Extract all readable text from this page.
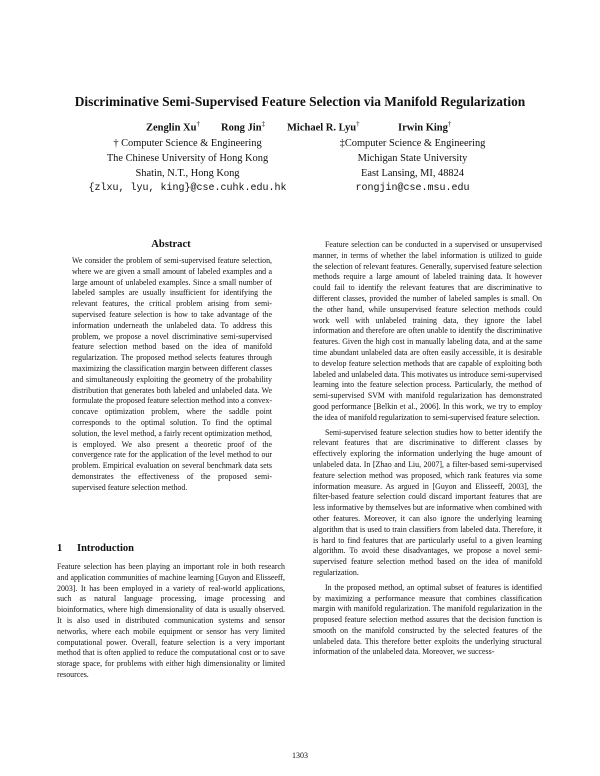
Discriminative Semi-Supervised Feature Selection via Manifold Regularization
Zenglin Xu† Rong Jin‡ Michael R. Lyu†	Irwin King†
† Computer Science & Engineering
The Chinese University of Hong Kong
Shatin, N.T., Hong Kong
{zlxu, lyu, king}@cse.cuhk.edu.hk
‡Computer Science & Engineering
Michigan State University
East Lansing, MI, 48824
rongjin@cse.msu.edu
Abstract

We consider the problem of semi-supervised feature selection, where we are given a small amount of labeled examples and a large amount of unlabeled examples. Since a small number of labeled samples are usually insufficient for identifying the relevant features, the critical problem arising from semi-supervised feature selection is how to take advantage of the information underneath the unlabeled data. To address this problem, we propose a novel discriminative semi-supervised feature selection method based on the idea of manifold regularization. The proposed method selects features through maximizing the classification margin between different classes and simultaneously exploiting the geometry of the probability distribution that generates both labeled and unlabeled data. We formulate the proposed feature selection method into a convex-concave optimization problem, where the saddle point corresponds to the optimal solution. To find the optimal solution, the level method, a fairly recent optimization method, is employed. We also present a theoretic proof of the convergence rate for the application of the level method to our problem. Empirical evaluation on several benchmark data sets demonstrates the effectiveness of the proposed semi-supervised feature selection method.

1 Introduction

Feature selection has been playing an important role in both research and application communities of machine learning [Guyon and Elisseeff, 2003]. It has been employed in a variety of real-world applications, such as natural language processing, image processing and bioinformatics, where high dimensionality of data is usually observed. It is also used in distributed communication systems and sensor networks, where each mobile equipment or sensor has very limited computational power. Overall, feature selection is a very important method that is often applied to reduce the computational cost or to save storage space, for problems with either high dimensionality or limited resources.

Feature selection can be conducted in a supervised or unsupervised manner, in terms of whether the label information is utilized to guide the selection of relevant features. Generally, supervised feature selection methods require a large amount of labeled training data. It however could fail to identify the relevant features that are discriminative to different classes, provided the number of labeled samples is small. On the other hand, while unsupervised feature selection methods could work well with unlabeled training data, they ignore the label information and therefore are often unable to identify the discriminative features. Given the high cost in manually labeling data, and at the same time abundant unlabeled data are often easily accessible, it is desirable to develop feature selection methods that are capable of exploiting both labeled and unlabeled data. This motivates us introduce semi-supervised learning into the feature selection process. Particularly, the method of semi-supervised SVM with manifold regularization has demonstrated good performance [Belkin et al., 2006]. In this work, we try to employ the idea of manifold regularization to semi-supervised feature selection.

Semi-supervised feature selection studies how to better identify the relevant features that are discriminative to different classes by effectively exploring the information underlying the huge amount of unlabeled data. In [Zhao and Liu, 2007], a filter-based semi-supervised feature selection method was proposed, which rank features via some information measure. As argued in [Guyon and Elisseeff, 2003], the filter-based feature selection could discard important features that are less informative by themselves but are informative when combined with other features. Moreover, it can also ignore the underlying learning algorithm that is used to train classifiers from labeled data. Therefore, it is hard to find features that are particularly useful to a given learning algorithm. To avoid these disadvantages, we propose a novel semi-supervised feature selection method based on the idea of manifold regularization.

In the proposed method, an optimal subset of features is identified by maximizing a performance measure that combines classification margin with manifold regularization. The manifold regularization in the proposed feature selection method assures that the decision function is smooth on the manifold constructed by the selected features of the unlabeled data. This therefore better exploits the underlying structural information of the unlabeled data. Moreover, we success-

1303
